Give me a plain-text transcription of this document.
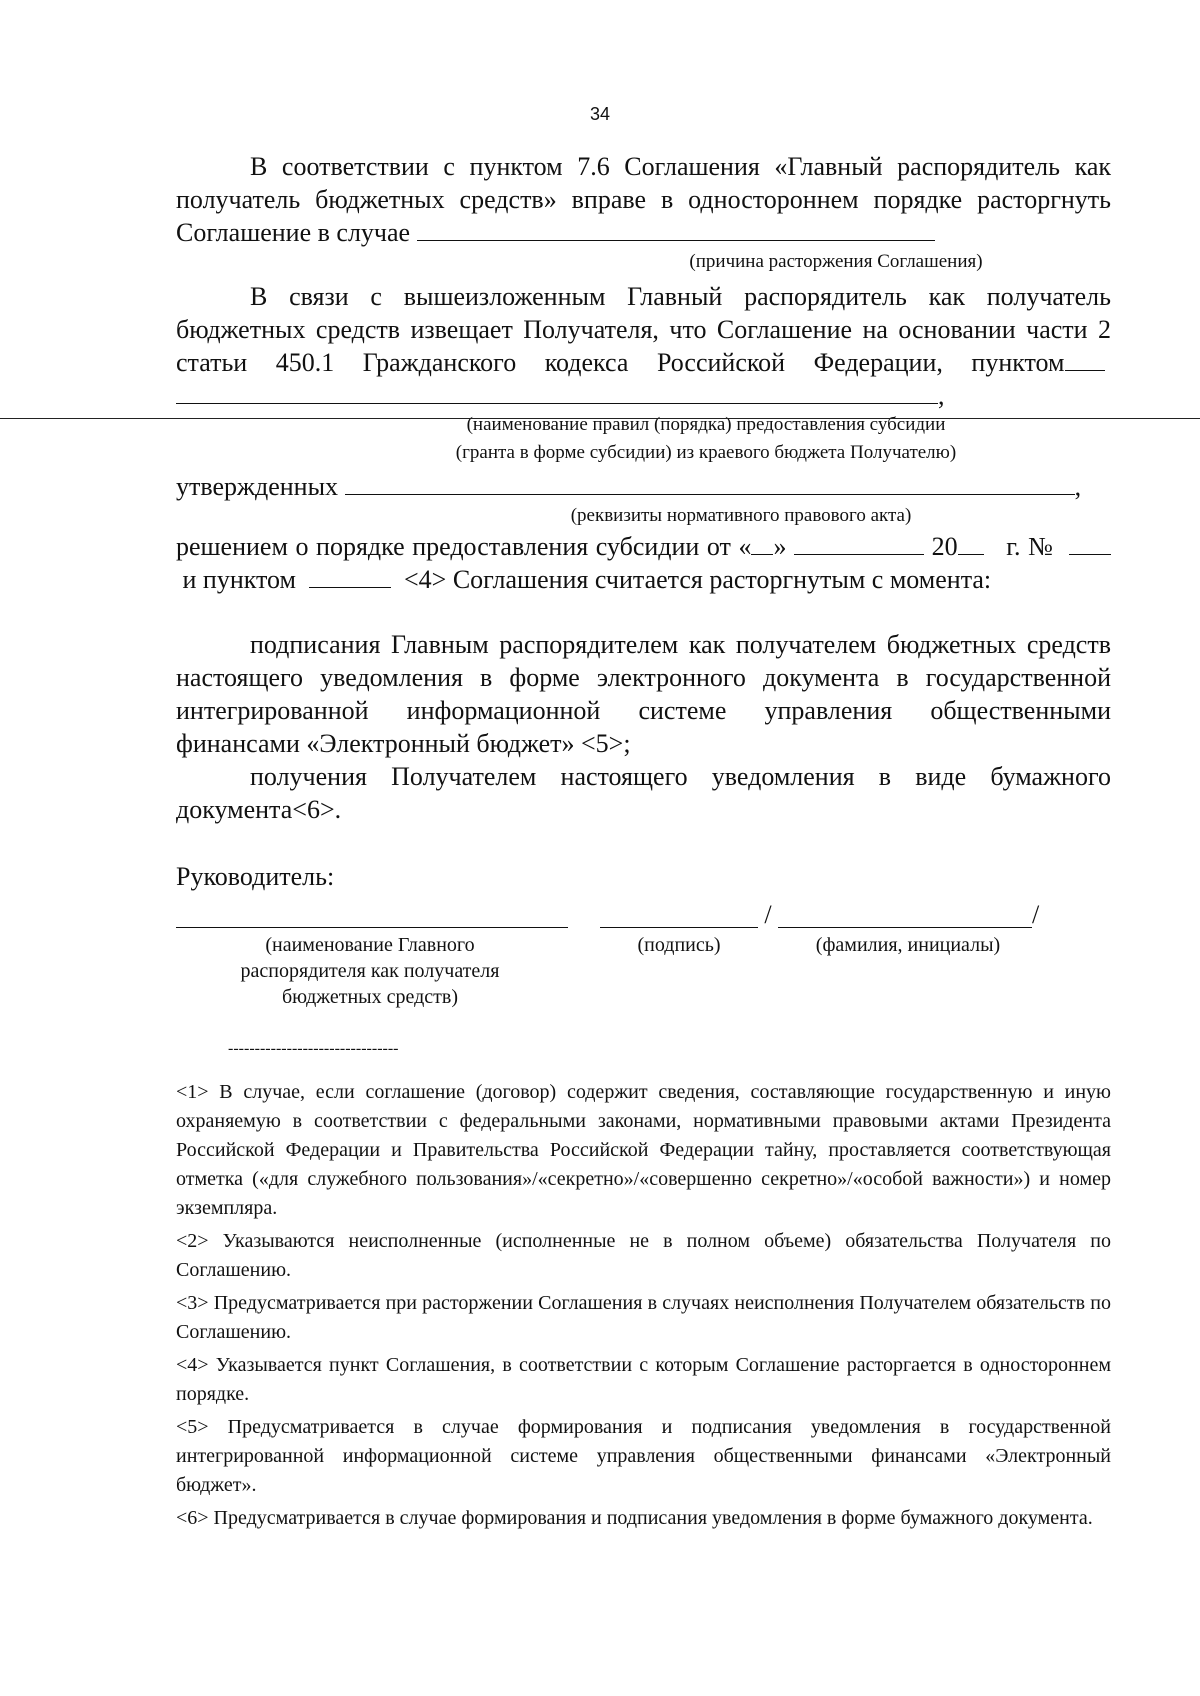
34

В соответствии с пунктом 7.6 Соглашения «Главный распорядитель как получатель бюджетных средств» вправе в одностороннем порядке расторгнуть Соглашение в случае

(причина расторжения Соглашения)

В связи с вышеизложенным Главный распорядитель как получатель бюджетных средств извещает Получателя, что Соглашение на основании части 2 статьи 450.1 Гражданского кодекса Российской Федерации, пунктом ,

(наименование правил (порядка) предоставления субсидии

(гранта в форме субсидии) из краевого бюджета Получателю)

утвержденных	,

(реквизиты нормативного правового акта)

решением о порядке предоставления субсидии от « »	20 г. №    и пунктом	<4> Соглашения считается расторгнутым с момента:

подписания Главным распорядителем как получателем бюджетных средств настоящего уведомления в форме электронного документа в государственной интегрированной информационной системе управления общественными финансами «Электронный бюджет» <5>;

получения Получателем настоящего уведомления в виде бумажного документа<6>.

Руководитель:

/	/

(наименование Главного распорядителя как получателя бюджетных средств)

(подпись)	(фамилия, инициалы)

--------------------------------

<1> В случае, если соглашение (договор) содержит сведения, составляющие государственную и иную охраняемую в соответствии с федеральными законами, нормативными правовыми актами Президента Российской Федерации и Правительства Российской Федерации тайну, проставляется соответствующая отметка («для служебного пользования»/«секретно»/«совершенно секретно»/«особой важности») и номер экземпляра.

<2> Указываются неисполненные (исполненные не в полном объеме) обязательства Получателя по Соглашению.

<3> Предусматривается при расторжении Соглашения в случаях неисполнения Получателем обязательств по Соглашению.

<4> Указывается пункт Соглашения, в соответствии с которым Соглашение расторгается в одностороннем порядке.

<5> Предусматривается в случае формирования и подписания уведомления в государственной интегрированной информационной системе управления общественными финансами «Электронный бюджет».

<6> Предусматривается в случае формирования и подписания уведомления в форме бумажного документа.
